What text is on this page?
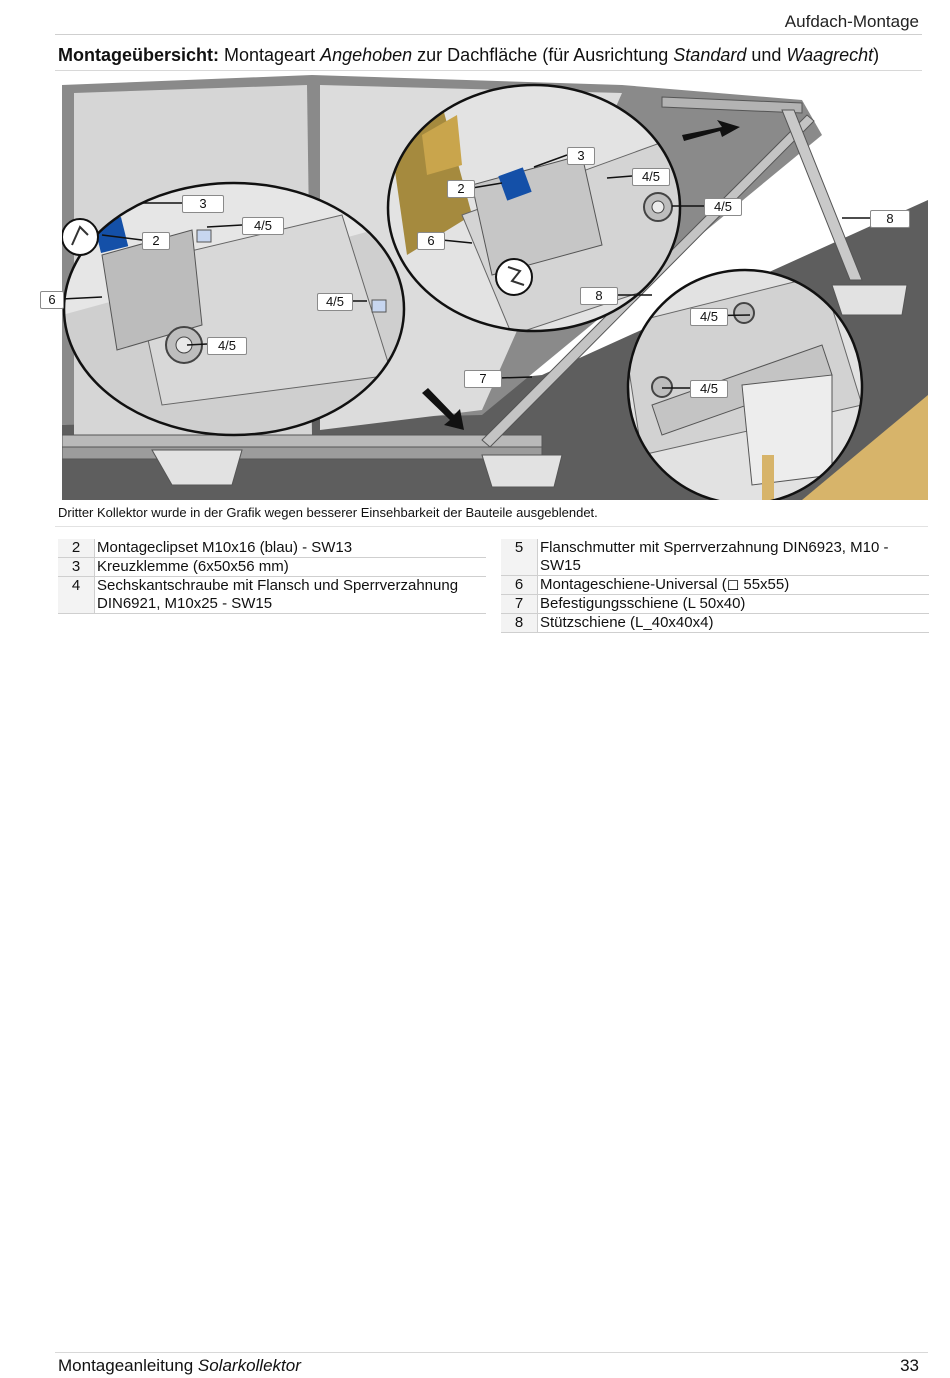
Aufdach-Montage
Montageübersicht: Montageart Angehoben zur Dachfläche (für Ausrichtung Standard und Waagrecht)
3
4/5
2
6	4/5
4/5
2
3
4/5
4/5
6
8
8
4/5
7
4/5
Dritter Kollektor wurde in der Grafik wegen besserer Einsehbarkeit der Bauteile ausgeblendet.
2	Montageclipset M10x16 (blau) - SW13
3	Kreuzklemme (6x50x56 mm)
4	Sechskantschraube mit Flansch und Sperrverzahnung DIN6921, M10x25 - SW15
5	Flanschmutter mit Sperrverzahnung DIN6923, M10 - SW15
6	Montageschiene-Universal (◻ 55x55)
7	Befestigungsschiene (L 50x40)
8	Stützschiene (L_40x40x4)
Montageanleitung Solarkollektor	33
